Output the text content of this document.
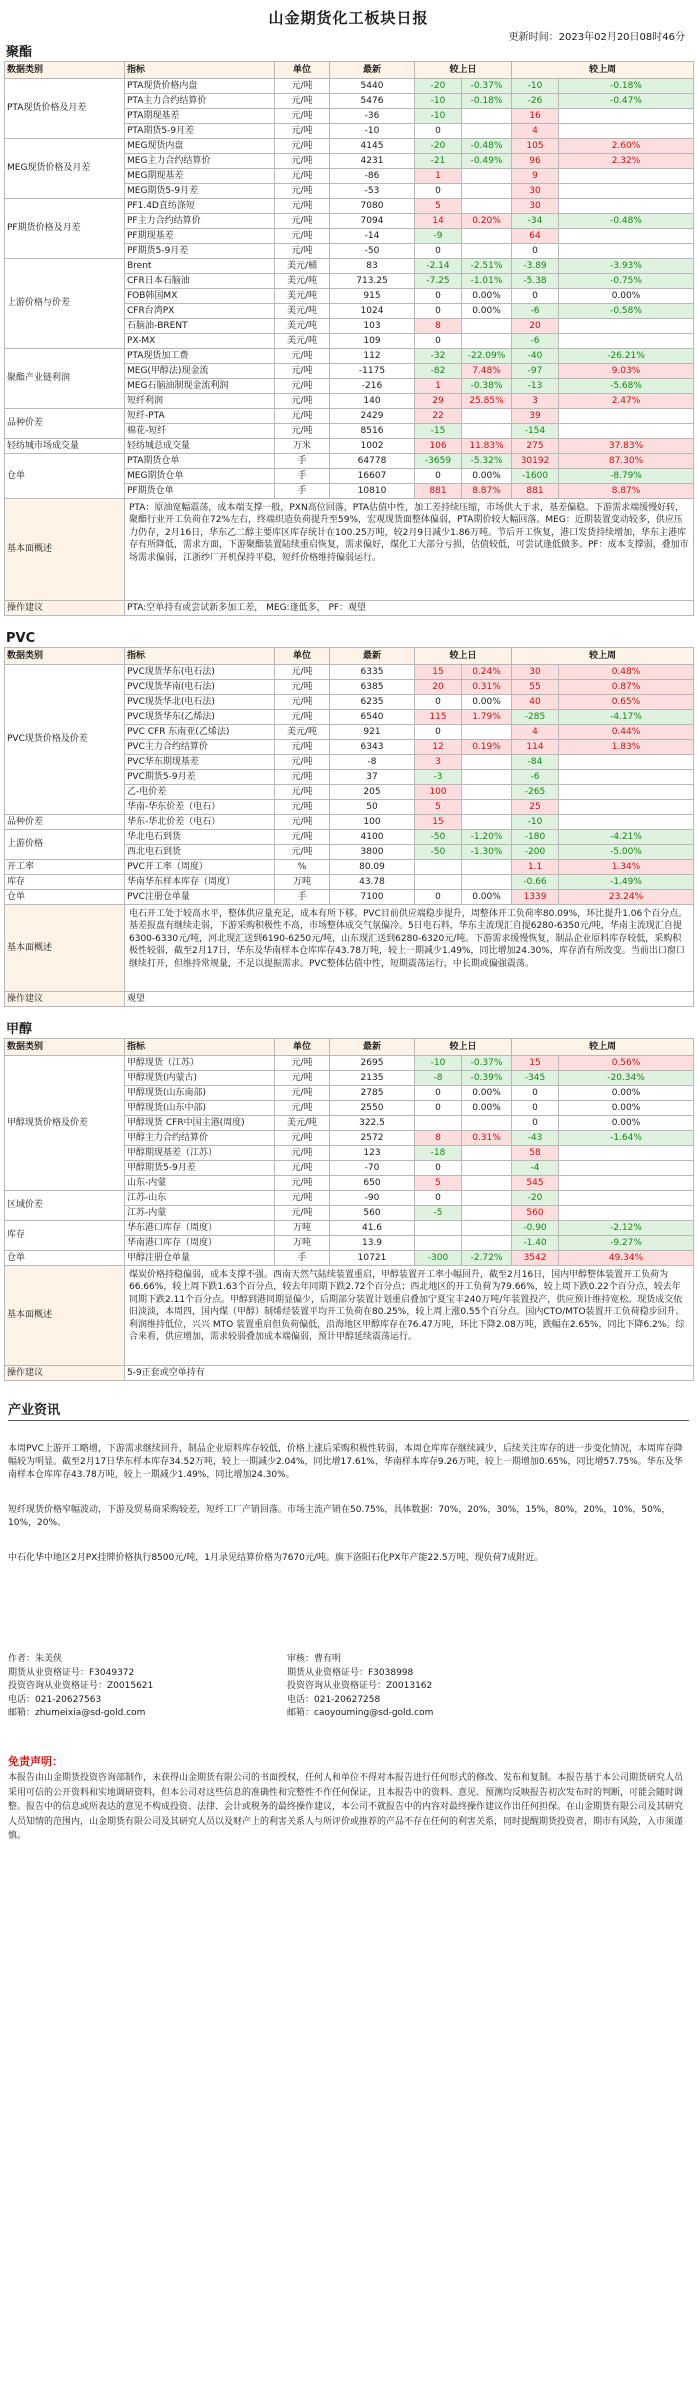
山金期货化工板块日报
更新时间：2023年02月20日08时46分
聚酯
数据类别	指标	单位	最新	较上日		较上周	
PTA现货价格及月差	PTA现货价格内盘	元/吨	5440	-20	-0.37%	-10	-0.18%
	PTA主力合约结算价	元/吨	5476	-10	-0.18%	-26	-0.47%
	PTA期现基差	元/吨	-36	-10		16	
	PTA期货5-9月差	元/吨	-10	0		4	
MEG现货价格及月差	MEG现货内盘	元/吨	4145	-20	-0.48%	105	2.60%
	MEG主力合约结算价	元/吨	4231	-21	-0.49%	96	2.32%
	MEG期现基差	元/吨	-86	1		9	
	MEG期货5-9月差	元/吨	-53	0		30	
PF期货价格及月差	PF1.4D直纺涤短	元/吨	7080	5		30	
	PF主力合约结算价	元/吨	7094	14	0.20%	-34	-0.48%
	PF期现基差	元/吨	-14	-9		64	
	PF期货5-9月差	元/吨	-50	0		0	
上游价格与价差	Brent	美元/桶	83	-2.14	-2.51%	-3.89	-3.93%
	CFR日本石脑油	美元/吨	713.25	-7.25	-1.01%	-5.38	-0.75%
	FOB韩国MX	美元/吨	915	0	0.00%	0	0.00%
	CFR台湾PX	美元/吨	1024	0	0.00%	-6	-0.58%
	石脑油-BRENT	美元/吨	103	8		20	
	PX-MX	美元/吨	109	0		-6	
聚酯产业链利润	PTA现货加工费	元/吨	112	-32	-22.09%	-40	-26.21%
	MEG(甲醇法)现金流	元/吨	-1175	-82	7.48%	-97	9.03%
	MEG石脑油制现金流利润	元/吨	-216	1	-0.38%	-13	-5.68%
	短纤利润	元/吨	140	29	25.85%	3	2.47%
品种价差	短纤-PTA	元/吨	2429	22		39	
	棉花-短纤	元/吨	8516	-15		-154	
轻纺城市场成交量	轻纺城总成交量	万米	1002	106	11.83%	275	37.83%
仓单	PTA期货仓单	手	64778	-3659	-5.32%	30192	87.30%
	MEG期货仓单	手	16607	0	0.00%	-1600	-8.79%
	PF期货仓单	手	10810	881	8.87%	881	8.87%
基本面概述	PTA：原油宽幅震荡，成本端支撑一般，PXN高位回落，PTA估值中性，加工差持续压缩，市场供大于求，基差偏稳。下游需求端缓慢好转，聚酯行业开工负荷在72%左右，终端织造负荷提升至59%，宏观现货面整体偏弱，PTA期价较大幅回落。MEG：近期装置变动较多，供应压力仍存，2月16日，华东乙二醇主要库区库存统计在100.25万吨，较2月9日减少1.86万吨。节后开工恢复，港口发货持续增加，华东主港库存有所降低，需求方面，下游聚酯装置陆续重启恢复，需求偏好，煤化工大部分亏损，估值较低，可尝试逢低做多。PF：成本支撑弱，叠加市场需求偏弱，江浙纱厂开机保持平稳，短纤价格维持偏弱运行。						
操作建议	PTA:空单持有或尝试新多加工差， MEG:逢低多， PF：观望						
PVC
数据类别	指标	单位	最新	较上日		较上周	
PVC现货价格及价差	PVC现货华东(电石法)	元/吨	6335	15	0.24%	30	0.48%
	PVC现货华南(电石法)	元/吨	6385	20	0.31%	55	0.87%
	PVC现货华北(电石法)	元/吨	6235	0	0.00%	40	0.65%
	PVC现货华东(乙烯法)	元/吨	6540	115	1.79%	-285	-4.17%
	PVC CFR 东南亚(乙烯法)	美元/吨	921	0		4	0.44%
	PVC主力合约结算价	元/吨	6343	12	0.19%	114	1.83%
	PVC华东期现基差	元/吨	-8	3		-84	
	PVC期货5-9月差	元/吨	37	-3		-6	
	乙-电价差	元/吨	205	100		-265	
	华南-华东价差（电石）	元/吨	50	5		25	
品种价差	华东-华北价差（电石）	元/吨	100	15		-10	
上游价格	华北电石到货	元/吨	4100	-50	-1.20%	-180	-4.21%
	西北电石到货	元/吨	3800	-50	-1.30%	-200	-5.00%
开工率	PVC开工率（周度）	%	80.09			1.1	1.34%
库存	华南华东样本库存（周度）	万吨	43.78			-0.66	-1.49%
仓单	PVC注册仓单量	手	7100	0	0.00%	1339	23.24%
基本面概述	电石开工处于较高水平，整体供应量充足，成本有所下移。PVC目前供应端稳步提升，周整体开工负荷率80.09%，环比提升1.06个百分点。基差报盘有继续走弱，下游采购积极性不高，市场整体成交气氛偏冷。5日电石料，华东主流现汇自提6280-6350元/吨，华南主流现汇自提6300-6330元/吨，河北现汇送到6190-6250元/吨，山东现汇送到6280-6320元/吨。下游需求缓慢恢复，制品企业原料库存较低，采购积极性较弱，截至2月17日，华东及华南样本仓库库存43.78万吨，较上一期减少1.49%，同比增加24.30%，库存消有所改变。当前出口窗口继续打开，但维持常规量，不足以提振需求。PVC整体估值中性，短期震荡运行，中长期或偏强震荡。						
操作建议	观望						
甲醇
数据类别	指标	单位	最新	较上日		较上周	
甲醇现货价格及价差	甲醇现货（江苏）	元/吨	2695	-10	-0.37%	15	0.56%
	甲醇现货(内蒙古)	元/吨	2135	-8	-0.39%	-345	-20.34%
	甲醇现货(山东南部)	元/吨	2785	0	0.00%	0	0.00%
	甲醇现货(山东中部)	元/吨	2550	0	0.00%	0	0.00%
	甲醇现货 CFR中国主港(周度)	美元/吨	322.5			0	0.00%
	甲醇主力合约结算价	元/吨	2572	8	0.31%	-43	-1.64%
	甲醇期现基差（江苏）	元/吨	123	-18		58	
	甲醇期货5-9月差	元/吨	-70	0		-4	
	山东-内蒙	元/吨	650	5		545	
区域价差	江苏-山东	元/吨	-90	0		-20	
	江苏-内蒙	元/吨	560	-5		560	
库存	华东港口库存（周度）	万吨	41.6			-0.90	-2.12%
	华南港口库存（周度）	万吨	13.9			-1.40	-9.27%
仓单	甲醇注册仓单量	手	10721	-300	-2.72%	3542	49.34%
基本面概述	煤炭价格持稳偏弱，成本支撑不强。西南天然气陆续装置重启，甲醇装置开工率小幅回升，截至2月16日，国内甲醇整体装置开工负荷为66.66%，较上周下跌1.63个百分点，较去年同期下跌2.72个百分点；西北地区的开工负荷为79.66%，较上周下跌0.22个百分点，较去年同期下跌2.11个百分点。甲醇到港同期显偏少，后期部分装置计划重启叠加宁夏宝丰240万吨/年装置投产，供应预计维持宽松。现货成交依旧淡淡，本周四，国内煤（甲醇）制烯烃装置平均开工负荷在80.25%，较上周上涨0.55个百分点。国内CTO/MTO装置开工负荷稳步回升。利润维持低位，兴兴 MTO 装置重启但负荷偏低，沿海地区甲醇库存在76.47万吨，环比下降2.08万吨，跌幅在2.65%，同比下降6.2%。综合来看，供应增加，需求较弱叠加成本端偏弱，预计甲醇延续震荡运行。						
操作建议	5-9正套或空单持有						
产业资讯
本周PVC上游开工略增，下游需求继续回升，制品企业原料库存较低，价格上涨后采购积极性转弱，本周仓库库存继续减少，后续关注库存的进一步变化情况，本周库存降幅较为明显。截至2月17日华东样本库存34.52万吨，较上一期减少2.04%，同比增17.61%，华南样本库存9.26万吨，较上一期增加0.65%，同比增57.75%。华东及华南样本仓库库存43.78万吨，较上一期减少1.49%，同比增加24.30%。
短纤现货价格窄幅波动，下游及贸易商采购较差，短纤工厂产销回落。市场主流产销在50.75%，具体数据：70%，20%，30%，15%，80%，20%，10%，50%，10%，20%。
中石化华中地区2月PX挂牌价格执行8500元/吨，1月录见结算价格为7670元/吨。旗下洛阳石化PX年产能22.5万吨，现负荷7成附近。
作者：朱美侠
期货从业资格证号：F3049372
投资咨询从业资格证号：Z0015621
电话：021-20627563
邮箱：zhumeixia@sd-gold.com
审核：曹有明
期货从业资格证号：F3038998
投资咨询从业资格证号：Z0013162
电话：021-20627258
邮箱：caoyouming@sd-gold.com
免责声明：
本报告由山金期货投资咨询部制作，未获得山金期货有限公司的书面授权，任何人和单位不得对本报告进行任何形式的修改、发布和复制。本报告基于本公司期货研究人员采用可信的公开资料和实地调研资料，但本公司对这些信息的准确性和完整性不作任何保证，且本报告中的资料、意见、预测均反映报告初次发布时的判断，可能会随时调整。报告中的信息或所表达的意见不构成投资、法律、会计或税务的最终操作建议，本公司不就报告中的内容对最终操作建议作出任何担保。在山金期货有限公司及其研究人员知情的范围内，山金期货有限公司及其研究人员以及财产上的利害关系人与所评价或推荐的产品不存在任何的利害关系，同时提醒期货投资者，期市有风险，入市须谨慎。
